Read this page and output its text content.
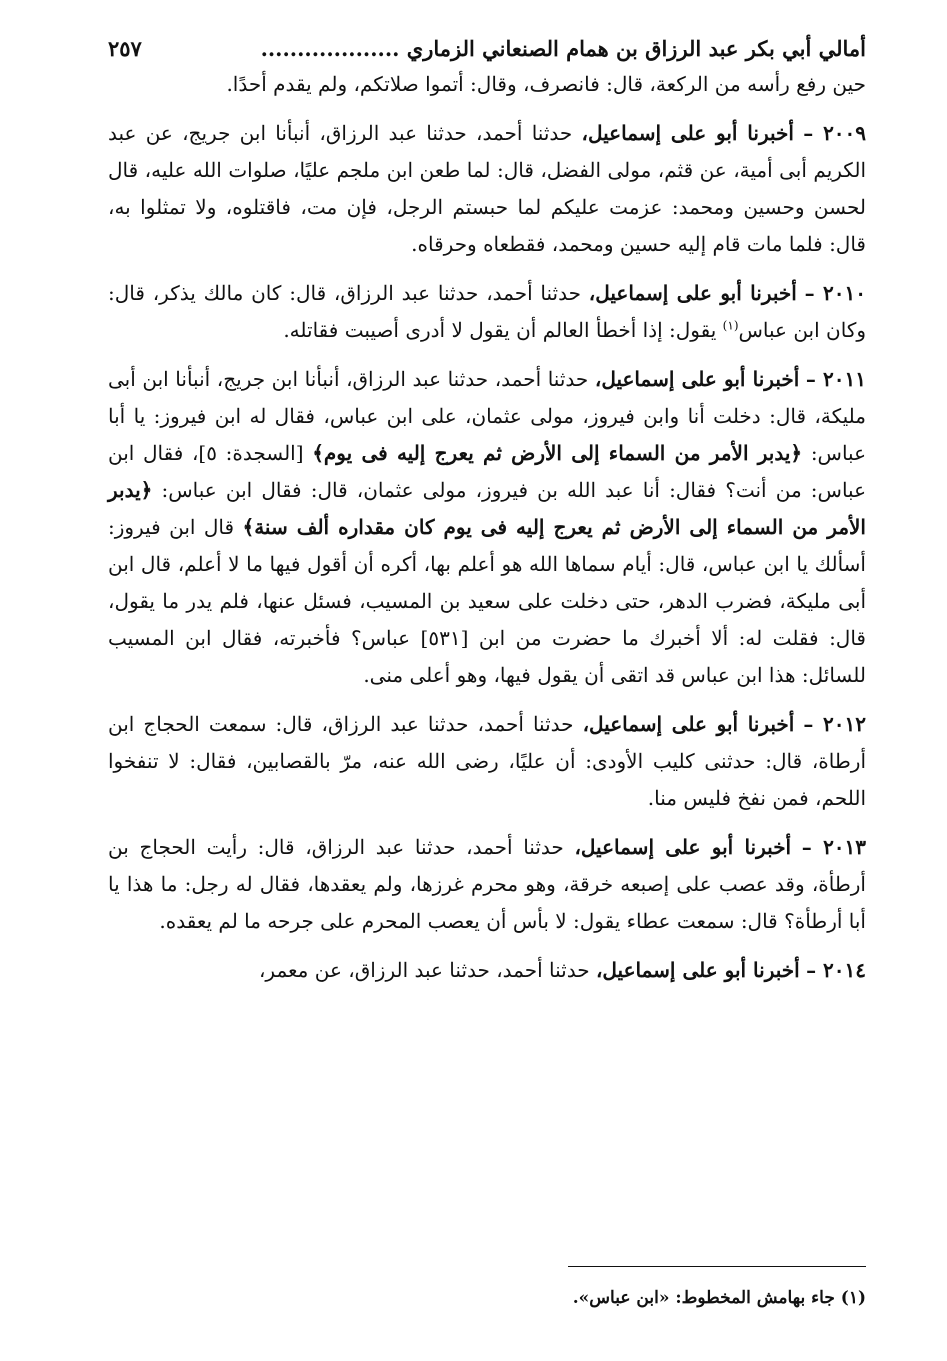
أمالي أبي بكر عبد الرزاق بن همام الصنعاني الزماري ...................
٢٥٧

حين رفع رأسه من الركعة، قال: فانصرف، وقال: أتموا صلاتكم، ولم يقدم أحدًا.

٢٠٠٩ – أخبرنا أبو على إسماعيل، حدثنا أحمد، حدثنا عبد الرزاق، أنبأنا ابن جريج، عن عبد الكريم أبى أمية، عن قثم، مولى الفضل، قال: لما طعن ابن ملجم عليًا، صلوات الله عليه، قال لحسن وحسين ومحمد: عزمت عليكم لما حبستم الرجل، فإن مت، فاقتلوه، ولا تمثلوا به، قال: فلما مات قام إليه حسين ومحمد، فقطعاه وحرقاه.

٢٠١٠ – أخبرنا أبو على إسماعيل، حدثنا أحمد، حدثنا عبد الرزاق، قال: كان مالك يذكر، قال: وكان ابن عباس$^{(١)}$ يقول: إذا أخطأ العالم أن يقول لا أدرى أصيبت فقاتله.

٢٠١١ – أخبرنا أبو على إسماعيل، حدثنا أحمد، حدثنا عبد الرزاق، أنبأنا ابن جريج، أنبأنا ابن أبى مليكة، قال: دخلت أنا وابن فيروز، مولى عثمان، على ابن عباس، فقال له ابن فيروز: يا أبا عباس: ﴿يدبر الأمر من السماء إلى الأرض ثم يعرج إليه فى يوم﴾ [السجدة: ٥]، فقال ابن عباس: من أنت؟ فقال: أنا عبد الله بن فيروز، مولى عثمان، قال: فقال ابن عباس: ﴿يدبر الأمر من السماء إلى الأرض ثم يعرج إليه فى يوم كان مقداره ألف سنة﴾ قال ابن فيروز: أسألك يا ابن عباس، قال: أيام سماها الله هو أعلم بها، أكره أن أقول فيها ما لا أعلم، قال ابن أبى مليكة، فضرب الدهر، حتى دخلت على سعيد بن المسيب، فسئل عنها، فلم يدر ما يقول، قال: فقلت له: ألا أخبرك ما حضرت من ابن [٥٣١] عباس؟ فأخبرته، فقال ابن المسيب للسائل: هذا ابن عباس قد اتقى أن يقول فيها، وهو أعلى منى.

٢٠١٢ – أخبرنا أبو على إسماعيل، حدثنا أحمد، حدثنا عبد الرزاق، قال: سمعت الحجاج ابن أرطاة، قال: حدثنى كليب الأودى: أن عليًا، رضى الله عنه، مرّ بالقصابين، فقال: لا تنفخوا اللحم، فمن نفخ فليس منا.

٢٠١٣ – أخبرنا أبو على إسماعيل، حدثنا أحمد، حدثنا عبد الرزاق، قال: رأيت الحجاج بن أرطأة، وقد عصب على إصبعه خرقة، وهو محرم غرزها، ولم يعقدها، فقال له رجل: ما هذا يا أبا أرطأة؟ قال: سمعت عطاء يقول: لا بأس أن يعصب المحرم على جرحه ما لم يعقده.

٢٠١٤ – أخبرنا أبو على إسماعيل، حدثنا أحمد، حدثنا عبد الرزاق، عن معمر،

(١) جاء بهامش المخطوط: «ابن عباس».
